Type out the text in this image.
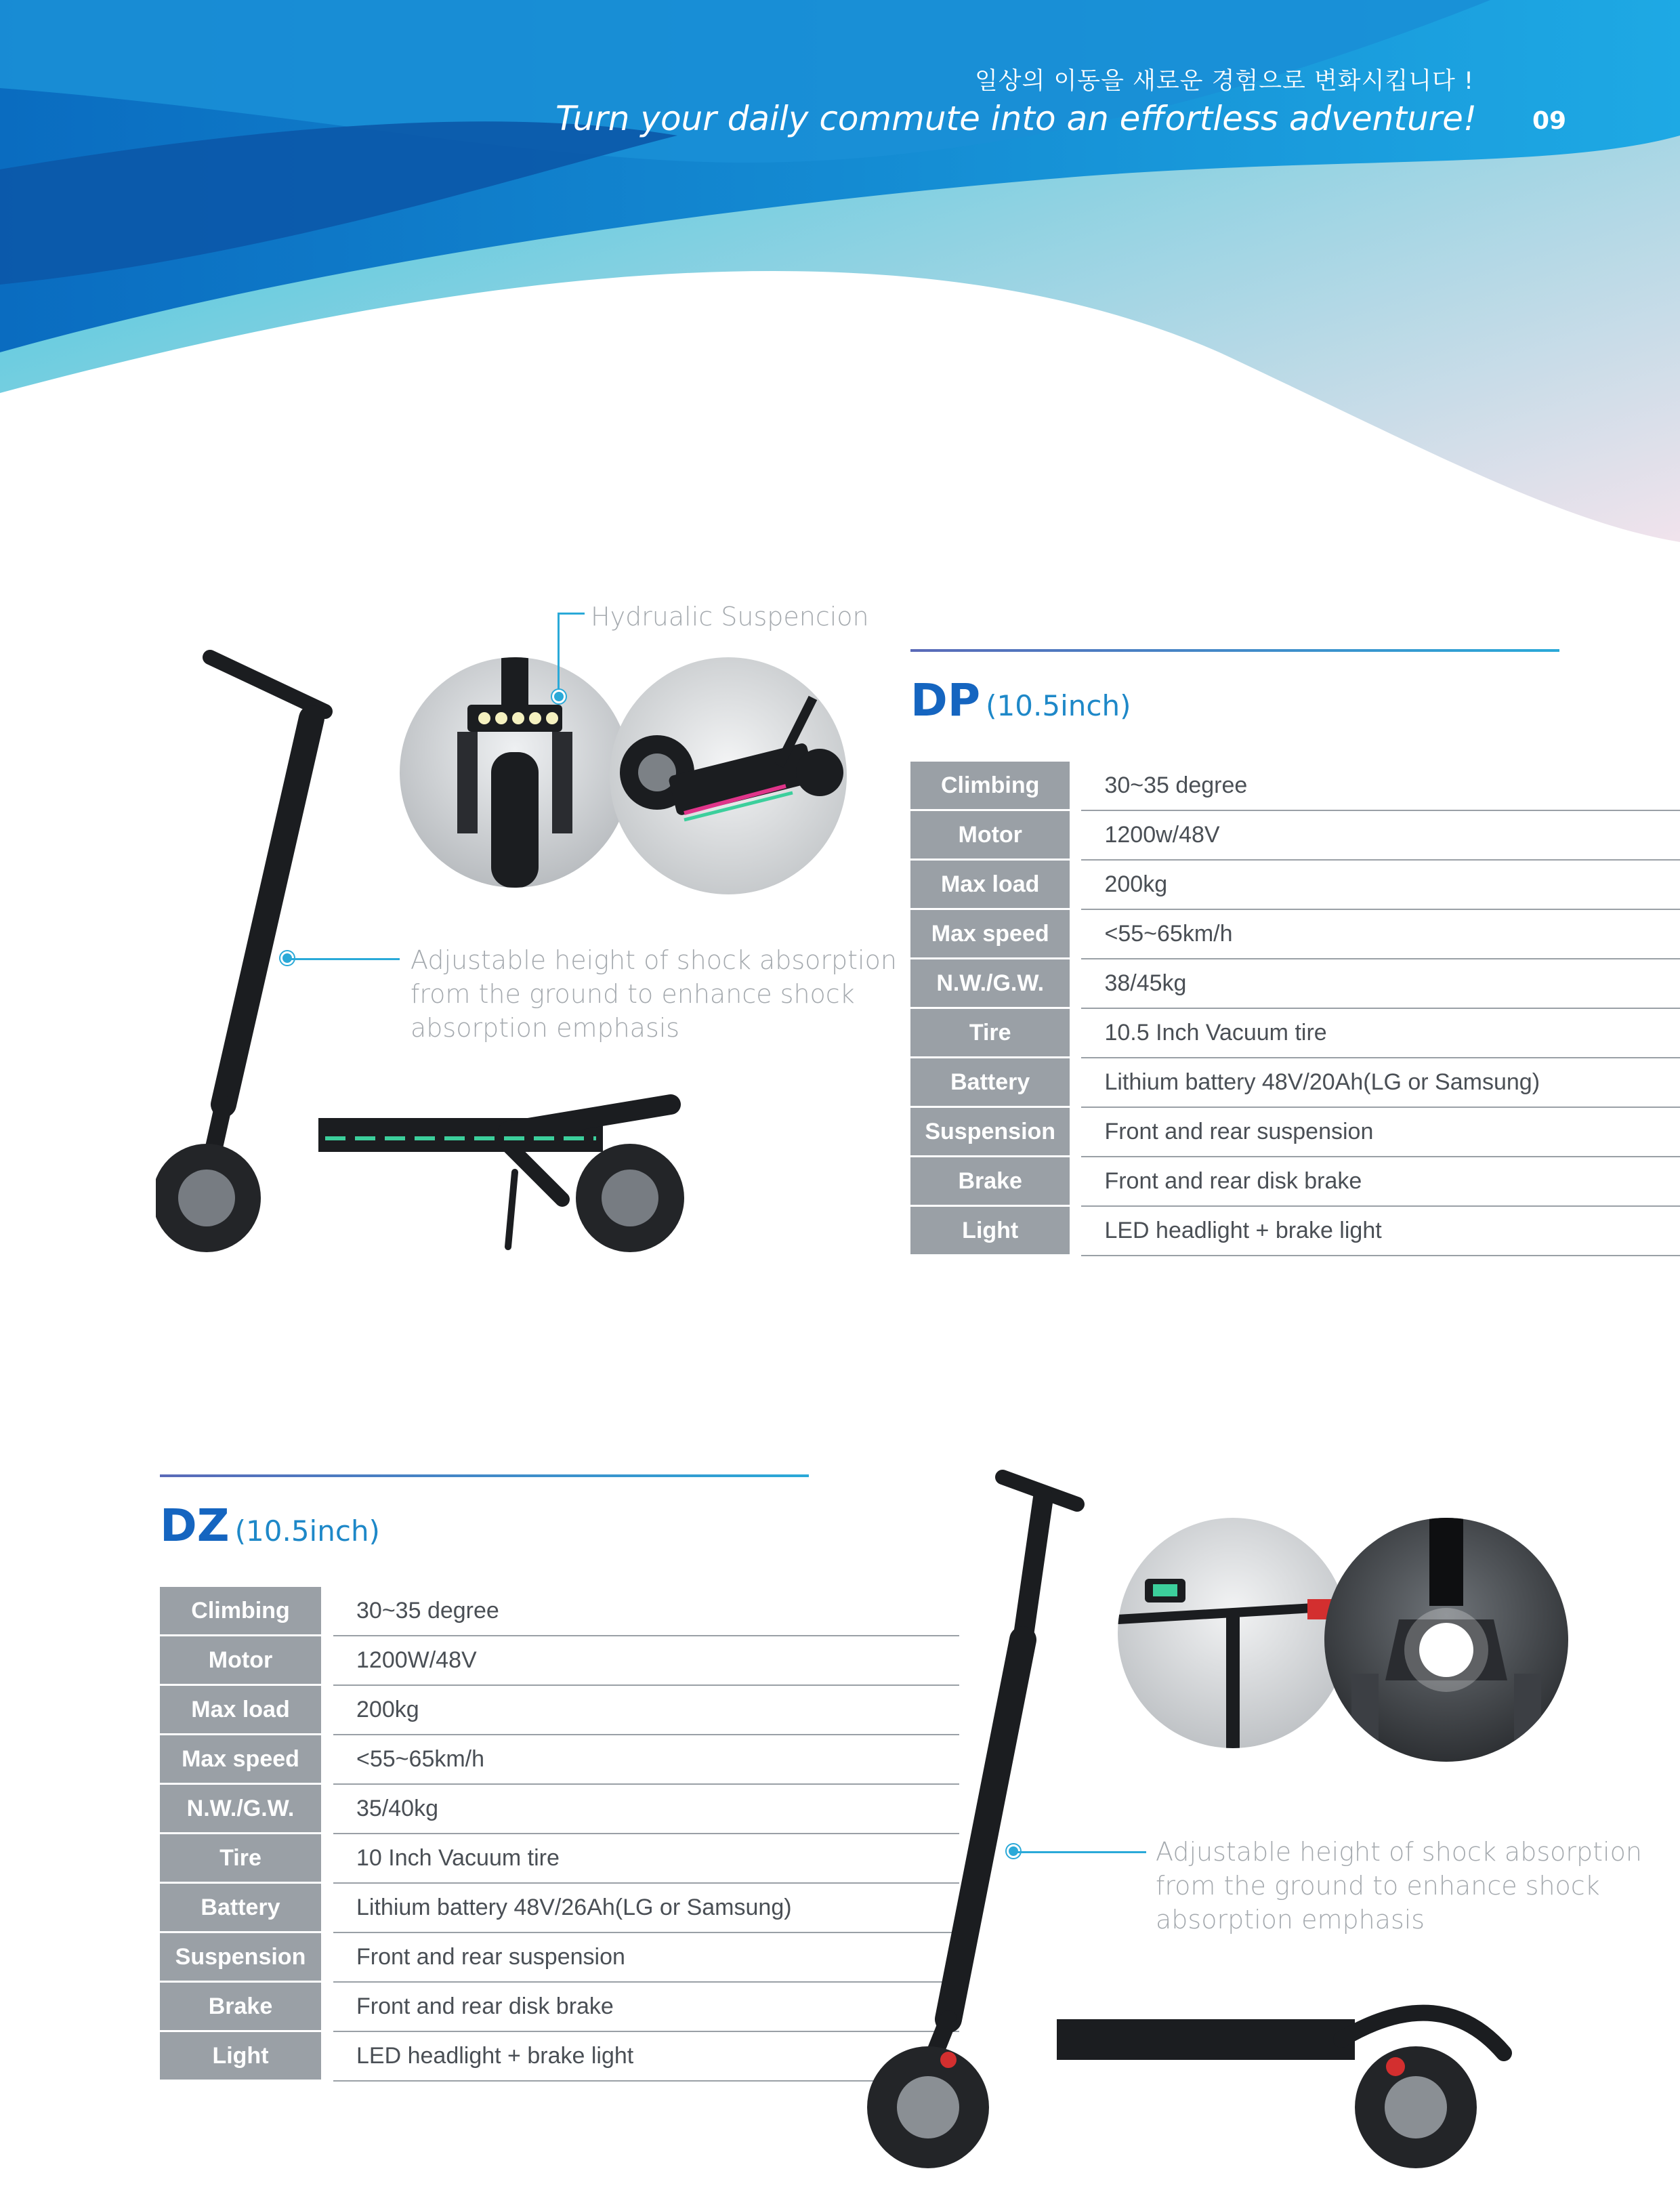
일상의 이동을 새로운 경험으로 변화시킵니다 !
Turn your daily commute into an effortless adventure! 09
Hydrualic Suspencion
Adjustable height of shock absorption
from the ground to enhance shock
absorption emphasis
DP (10.5inch)
Climbing		30~35 degree
Motor		1200w/48V
Max load		200kg
Max speed		<55~65km/h
N.W./G.W.		38/45kg
Tire		10.5 Inch Vacuum tire
Battery		Lithium battery 48V/20Ah(LG or Samsung)
Suspension		Front and rear suspension
Brake		Front and rear disk brake
Light		LED headlight + brake light
DZ (10.5inch)
Climbing		30~35 degree
Motor		1200W/48V
Max load		200kg
Max speed		<55~65km/h
N.W./G.W.		35/40kg
Tire		10 Inch Vacuum tire
Battery		Lithium battery 48V/26Ah(LG or Samsung)
Suspension		Front and rear suspension
Brake		Front and rear disk brake
Light		LED headlight + brake light
Adjustable height of shock absorption
from the ground to enhance shock
absorption emphasis
